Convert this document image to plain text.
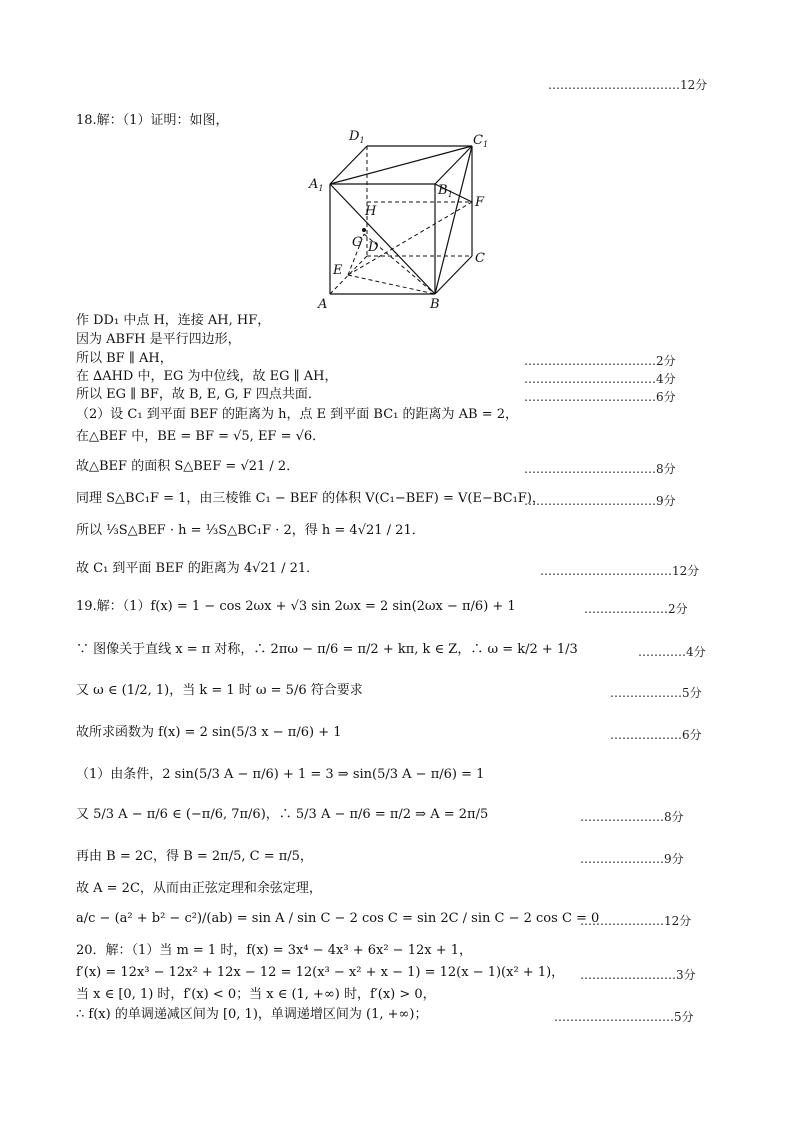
……………………………12分
18.解：（1）证明：如图，
$D_1$	$C_1$
$A_1$	$B_1$
H
F
G D
E
C
A	B
作 DD₁ 中点 H，连接 AH, HF，
因为 ABFH 是平行四边形，
所以 BF ∥ AH，	……………………………2分
在 ∆AHD 中，EG 为中位线，故 EG ∥ AH，	……………………………4分
所以 EG ∥ BF，故 B, E, G, F 四点共面．	……………………………6分
（2）设 C₁ 到平面 BEF 的距离为 h，点 E 到平面 BC₁ 的距离为 AB = 2，
在△BEF 中，BE = BF = √5, EF = √6．
故△BEF 的面积 S△BEF = √21 / 2．	……………………………8分
同理 S△BC₁F = 1，由三棱锥 C₁ − BEF 的体积 V(C₁−BEF) = V(E−BC₁F)，
……………………………9分
所以 ⅓S△BEF · h = ⅓S△BC₁F · 2，得 h = 4√21 / 21．
故 C₁ 到平面 BEF 的距离为 4√21 / 21．	……………………………12分
19.解：（1）f(x) = 1 − cos 2ωx + √3 sin 2ωx = 2 sin(2ωx − π/6) + 1	…………………2分
∵ 图像关于直线 x = π 对称，∴ 2πω − π/6 = π/2 + kπ, k ∈ Z，∴ ω = k/2 + 1/3	…………4分
又 ω ∈ (1/2, 1)，当 k = 1 时 ω = 5/6 符合要求	………………5分
故所求函数为 f(x) = 2 sin(5/3 x − π/6) + 1	………………6分
（1）由条件，2 sin(5/3 A − π/6) + 1 = 3 ⇒ sin(5/3 A − π/6) = 1
又 5/3 A − π/6 ∈ (−π/6, 7π/6)，∴ 5/3 A − π/6 = π/2 ⇒ A = 2π/5	…………………8分
再由 B = 2C，得 B = 2π/5, C = π/5，	…………………9分
故 A = 2C，从而由正弦定理和余弦定理，
a/c − (a² + b² − c²)/(ab) = sin A / sin C − 2 cos C = sin 2C / sin C − 2 cos C = 0
…………………12分
20．解：（1）当 m = 1 时，f(x) = 3x⁴ − 4x³ + 6x² − 12x + 1，
f′(x) = 12x³ − 12x² + 12x − 12 = 12(x³ − x² + x − 1) = 12(x − 1)(x² + 1)， ……………………3分
当 x ∈ [0, 1) 时，f′(x) < 0；当 x ∈ (1, +∞) 时，f′(x) > 0，
∴ f(x) 的单调递减区间为 [0, 1)，单调递增区间为 (1, +∞)；	…………………………5分
